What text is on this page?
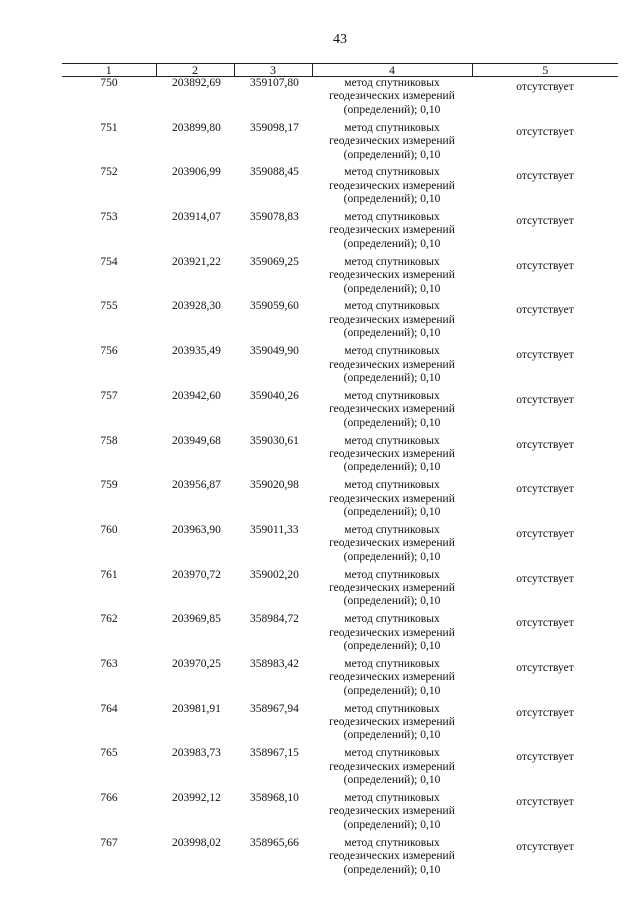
43
1	2	3	4	5
750	203892,69	359107,80	метод спутниковых
геодезических измерений
(определений); 0,10	отсутствует
751	203899,80	359098,17	метод спутниковых
геодезических измерений
(определений); 0,10	отсутствует
752	203906,99	359088,45	метод спутниковых
геодезических измерений
(определений); 0,10	отсутствует
753	203914,07	359078,83	метод спутниковых
геодезических измерений
(определений); 0,10	отсутствует
754	203921,22	359069,25	метод спутниковых
геодезических измерений
(определений); 0,10	отсутствует
755	203928,30	359059,60	метод спутниковых
геодезических измерений
(определений); 0,10	отсутствует
756	203935,49	359049,90	метод спутниковых
геодезических измерений
(определений); 0,10	отсутствует
757	203942,60	359040,26	метод спутниковых
геодезических измерений
(определений); 0,10	отсутствует
758	203949,68	359030,61	метод спутниковых
геодезических измерений
(определений); 0,10	отсутствует
759	203956,87	359020,98	метод спутниковых
геодезических измерений
(определений); 0,10	отсутствует
760	203963,90	359011,33	метод спутниковых
геодезических измерений
(определений); 0,10	отсутствует
761	203970,72	359002,20	метод спутниковых
геодезических измерений
(определений); 0,10	отсутствует
762	203969,85	358984,72	метод спутниковых
геодезических измерений
(определений); 0,10	отсутствует
763	203970,25	358983,42	метод спутниковых
геодезических измерений
(определений); 0,10	отсутствует
764	203981,91	358967,94	метод спутниковых
геодезических измерений
(определений); 0,10	отсутствует
765	203983,73	358967,15	метод спутниковых
геодезических измерений
(определений); 0,10	отсутствует
766	203992,12	358968,10	метод спутниковых
геодезических измерений
(определений); 0,10	отсутствует
767	203998,02	358965,66	метод спутниковых
геодезических измерений
(определений); 0,10	отсутствует
